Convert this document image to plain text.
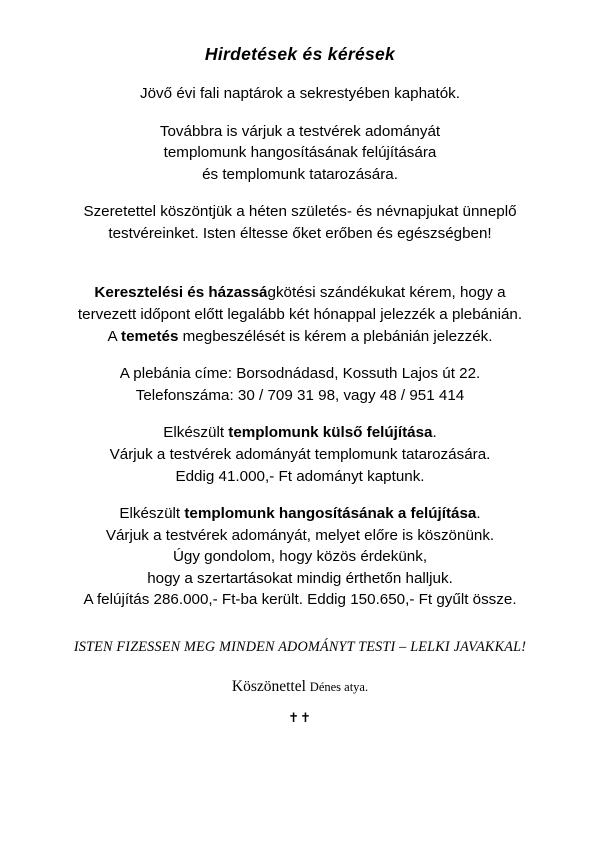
Hirdetések és kérések

Jövő évi fali naptárok a sekrestyében kaphatók.

Továbbra is várjuk a testvérek adományát
templomunk hangosításának felújítására
és templomunk tatarozására.

Szeretettel köszöntjük a héten születés- és névnapjukat ünneplő
testvéreinket. Isten éltesse őket erőben és egészségben!

Keresztelési és házasságkötési szándékukat kérem, hogy a
tervezett időpont előtt legalább két hónappal jelezzék a plebánián.
A temetés megbeszélését is kérem a plebánián jelezzék.

A plebánia címe: Borsodnádasd, Kossuth Lajos út 22.
Telefonszáma: 30 / 709 31 98, vagy 48 / 951 414

Elkészült templomunk külső felújítása.
Várjuk a testvérek adományát templomunk tatarozására.
Eddig 41.000,- Ft adományt kaptunk.

Elkészült templomunk hangosításának a felújítása.
Várjuk a testvérek adományát, melyet előre is köszönünk.
Úgy gondolom, hogy közös érdekünk,
hogy a szertartásokat mindig érthetőn halljuk.
A felújítás 286.000,- Ft-ba került. Eddig 150.650,- Ft gyűlt össze.

ISTEN FIZESSEN MEG MINDEN ADOMÁNYT TESTI – LELKI JAVAKKAL!

Köszönettel Dénes atya.

✝✝
